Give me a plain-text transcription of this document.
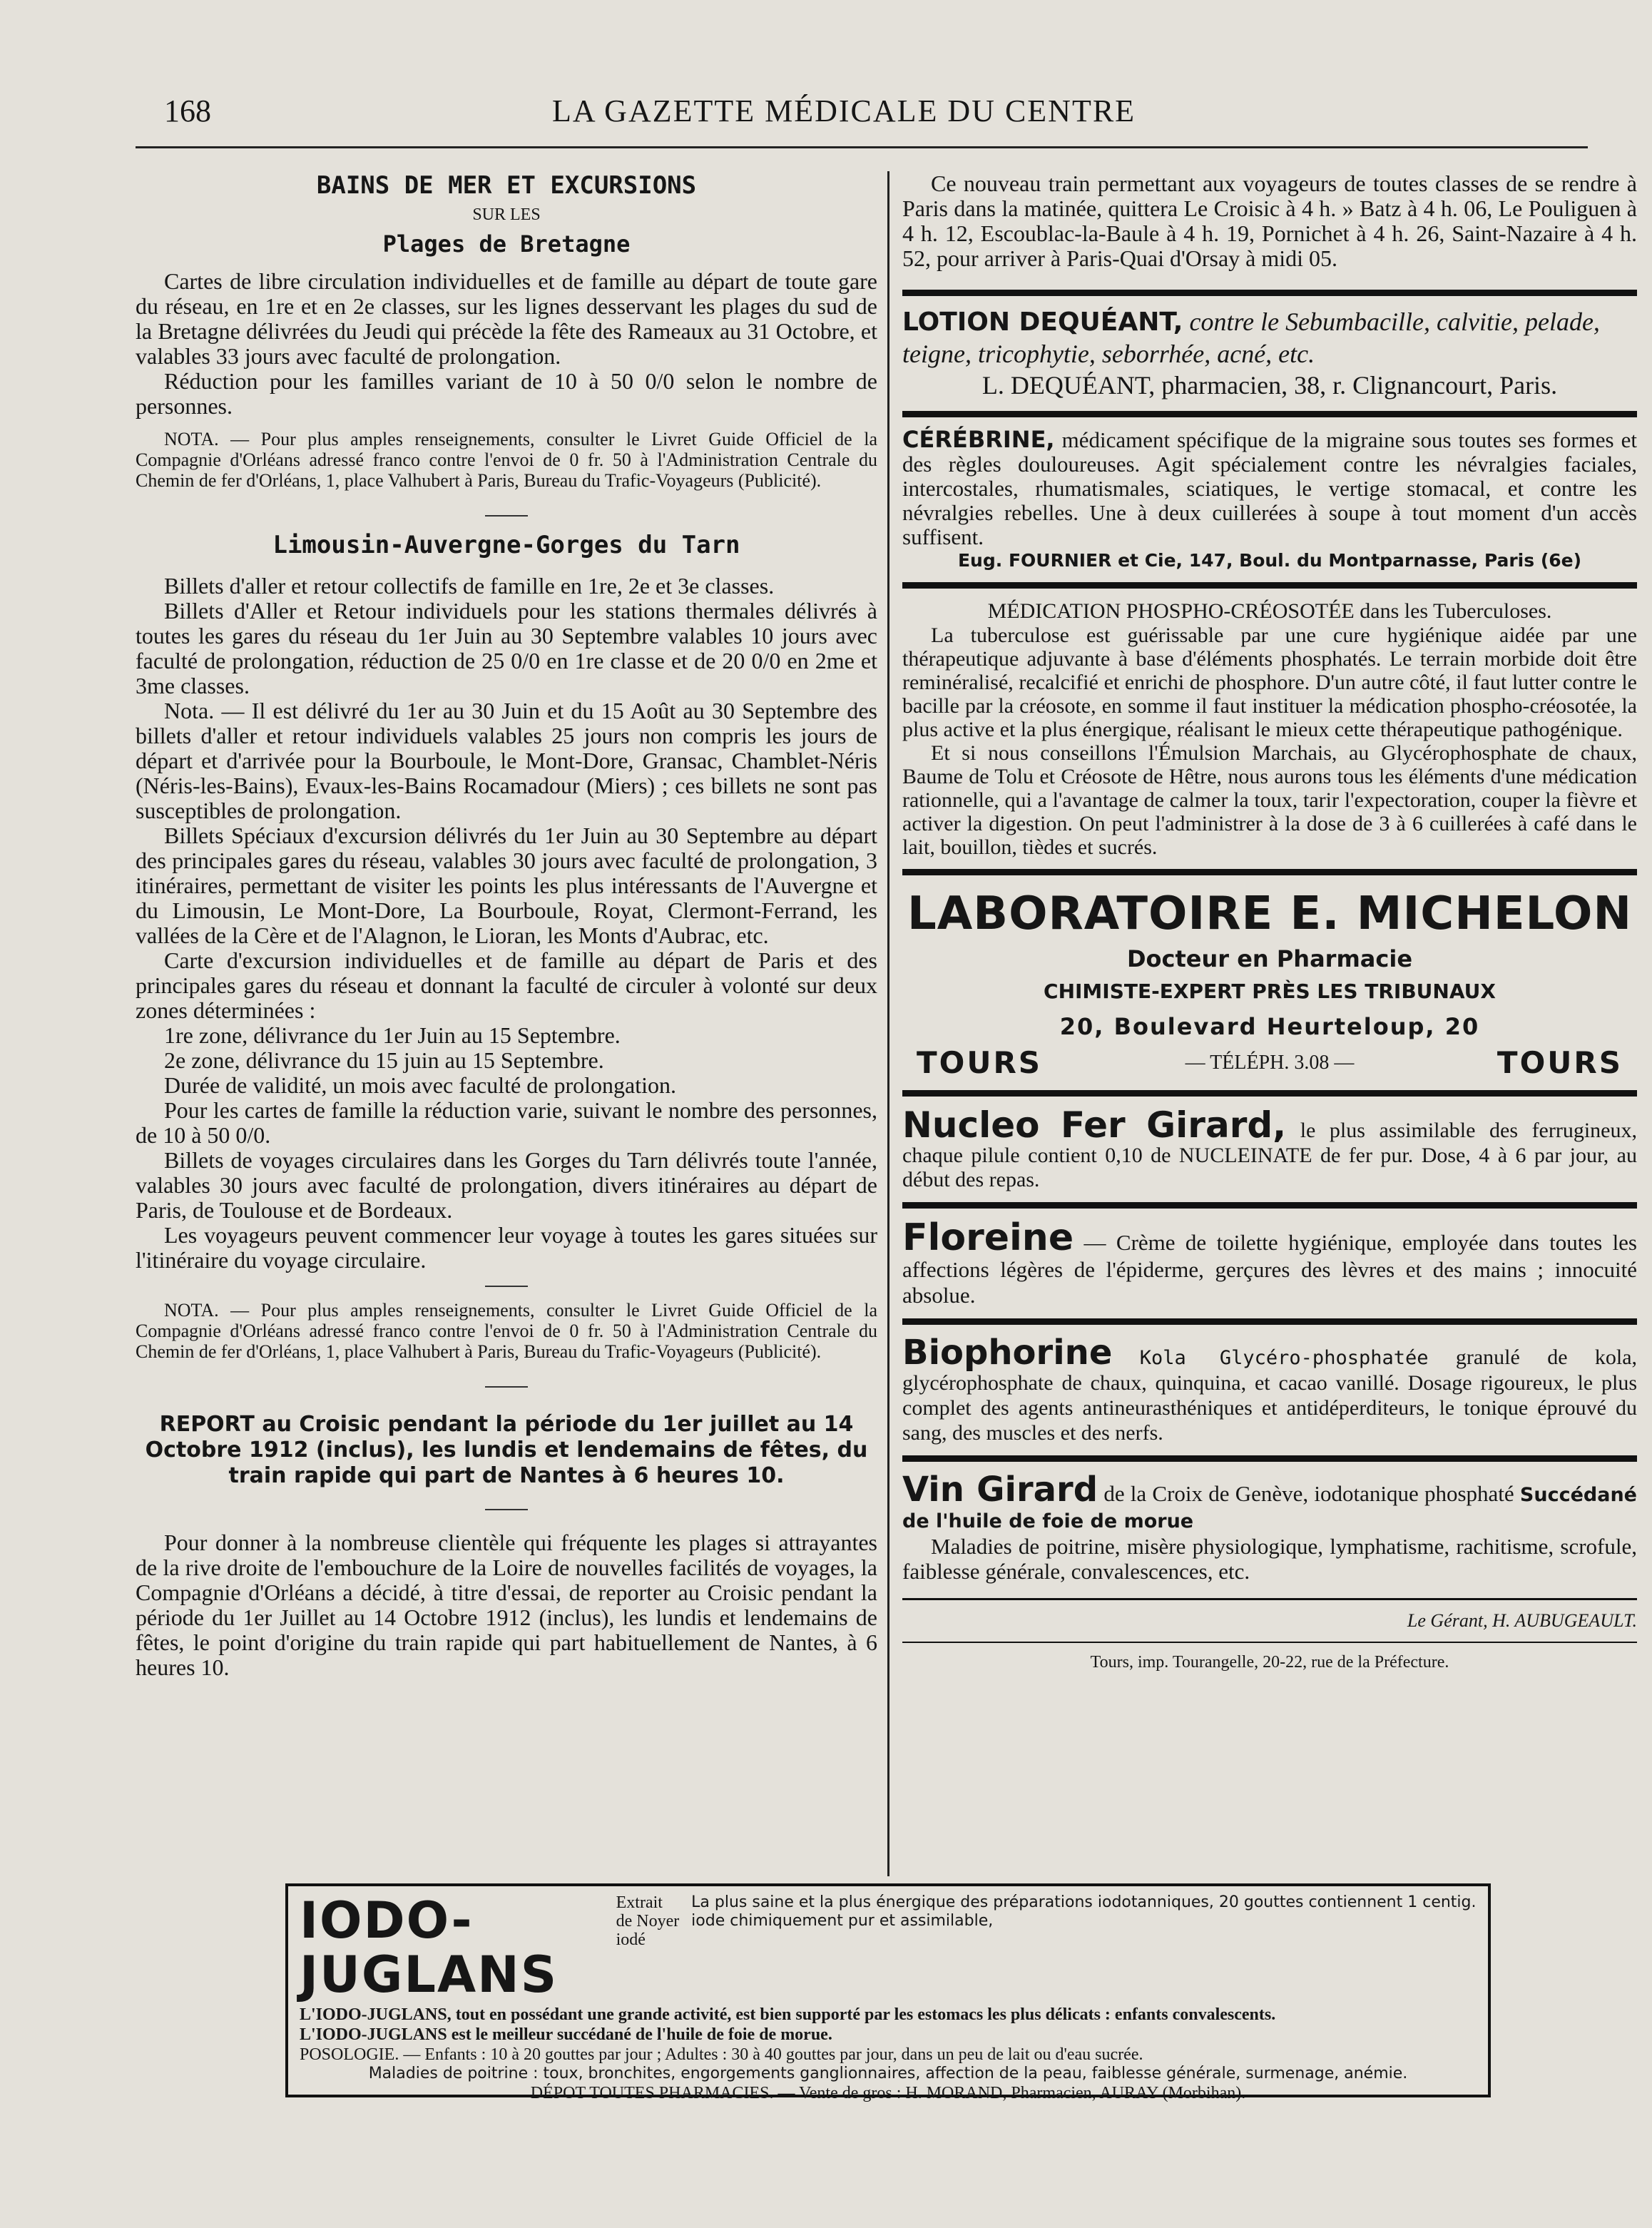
168	LA GAZETTE MÉDICALE DU CENTRE
BAINS DE MER ET EXCURSIONS

SUR LES

Plages de Bretagne

Cartes de libre circulation individuelles et de famille au départ de toute gare du réseau, en 1re et en 2e classes, sur les lignes desservant les plages du sud de la Bretagne délivrées du Jeudi qui précède la fête des Rameaux au 31 Octobre, et valables 33 jours avec faculté de prolongation.

Réduction pour les familles variant de 10 à 50 0/0 selon le nombre de personnes.

NOTA. — Pour plus amples renseignements, consulter le Livret Guide Officiel de la Compagnie d'Orléans adressé franco contre l'envoi de 0 fr. 50 à l'Administration Centrale du Chemin de fer d'Orléans, 1, place Valhubert à Paris, Bureau du Trafic-Voyageurs (Publicité).

Limousin-Auvergne-Gorges du Tarn

Billets d'aller et retour collectifs de famille en 1re, 2e et 3e classes.

Billets d'Aller et Retour individuels pour les stations thermales délivrés à toutes les gares du réseau du 1er Juin au 30 Septembre valables 10 jours avec faculté de prolongation, réduction de 25 0/0 en 1re classe et de 20 0/0 en 2me et 3me classes.

Nota. — Il est délivré du 1er au 30 Juin et du 15 Août au 30 Septembre des billets d'aller et retour individuels valables 25 jours non compris les jours de départ et d'arrivée pour la Bourboule, le Mont-Dore, Gransac, Chamblet-Néris (Néris-les-Bains), Evaux-les-Bains Rocamadour (Miers) ; ces billets ne sont pas susceptibles de prolongation.

Billets Spéciaux d'excursion délivrés du 1er Juin au 30 Septembre au départ des principales gares du réseau, valables 30 jours avec faculté de prolongation, 3 itinéraires, permettant de visiter les points les plus intéressants de l'Auvergne et du Limousin, Le Mont-Dore, La Bourboule, Royat, Clermont-Ferrand, les vallées de la Cère et de l'Alagnon, le Lioran, les Monts d'Aubrac, etc.

Carte d'excursion individuelles et de famille au départ de Paris et des principales gares du réseau et donnant la faculté de circuler à volonté sur deux zones déterminées :

1re zone, délivrance du 1er Juin au 15 Septembre.

2e zone, délivrance du 15 juin au 15 Septembre.

Durée de validité, un mois avec faculté de prolongation.

Pour les cartes de famille la réduction varie, suivant le nombre des personnes, de 10 à 50 0/0.

Billets de voyages circulaires dans les Gorges du Tarn délivrés toute l'année, valables 30 jours avec faculté de prolongation, divers itinéraires au départ de Paris, de Toulouse et de Bordeaux.

Les voyageurs peuvent commencer leur voyage à toutes les gares situées sur l'itinéraire du voyage circulaire.

NOTA. — Pour plus amples renseignements, consulter le Livret Guide Officiel de la Compagnie d'Orléans adressé franco contre l'envoi de 0 fr. 50 à l'Administration Centrale du Chemin de fer d'Orléans, 1, place Valhubert à Paris, Bureau du Trafic-Voyageurs (Publicité).

REPORT au Croisic pendant la période du 1er juillet au 14 Octobre 1912 (inclus), les lundis et lendemains de fêtes, du train rapide qui part de Nantes à 6 heures 10.

Pour donner à la nombreuse clientèle qui fréquente les plages si attrayantes de la rive droite de l'embouchure de la Loire de nouvelles facilités de voyages, la Compagnie d'Orléans a décidé, à titre d'essai, de reporter au Croisic pendant la période du 1er Juillet au 14 Octobre 1912 (inclus), les lundis et lendemains de fêtes, le point d'origine du train rapide qui part habituellement de Nantes, à 6 heures 10.

Ce nouveau train permettant aux voyageurs de toutes classes de se rendre à Paris dans la matinée, quittera Le Croisic à 4 h. » Batz à 4 h. 06, Le Pouliguen à 4 h. 12, Escoublac-la-Baule à 4 h. 19, Pornichet à 4 h. 26, Saint-Nazaire à 4 h. 52, pour arriver à Paris-Quai d'Orsay à midi 05.

LOTION DEQUÉANT, contre le Sebumbacille, calvitie, pelade, teigne, tricophytie, seborrhée, acné, etc.

L. DEQUÉANT, pharmacien, 38, r. Clignancourt, Paris.

CÉRÉBRINE, médicament spécifique de la migraine sous toutes ses formes et des règles douloureuses. Agit spécialement contre les névralgies faciales, intercostales, rhumatismales, sciatiques, le vertige stomacal, et contre les névralgies rebelles. Une à deux cuillerées à soupe à tout moment d'un accès suffisent.

Eug. FOURNIER et Cie, 147, Boul. du Montparnasse, Paris (6e)

MÉDICATION PHOSPHO-CRÉOSOTÉE dans les Tuberculoses.

La tuberculose est guérissable par une cure hygiénique aidée par une thérapeutique adjuvante à base d'éléments phosphatés. Le terrain morbide doit être reminéralisé, recalcifié et enrichi de phosphore. D'un autre côté, il faut lutter contre le bacille par la créosote, en somme il faut instituer la médication phospho-créosotée, la plus active et la plus énergique, réalisant le mieux cette thérapeutique pathogénique.

Et si nous conseillons l'Émulsion Marchais, au Glycérophosphate de chaux, Baume de Tolu et Créosote de Hêtre, nous aurons tous les éléments d'une médication rationnelle, qui a l'avantage de calmer la toux, tarir l'expectoration, couper la fièvre et activer la digestion. On peut l'administrer à la dose de 3 à 6 cuillerées à café dans le lait, bouillon, tièdes et sucrés.

LABORATOIRE E. MICHELON

Docteur en Pharmacie

CHIMISTE-EXPERT PRÈS LES TRIBUNAUX

20, Boulevard Heurteloup, 20

TOURS	— TÉLÉPH. 3.08 —	TOURS

Nucleo Fer Girard, le plus assimilable des ferrugineux, chaque pilule contient 0,10 de NUCLEINATE de fer pur. Dose, 4 à 6 par jour, au début des repas.

Floreine — Crème de toilette hygiénique, employée dans toutes les affections légères de l'épiderme, gerçures des lèvres et des mains ; innocuité absolue.

Biophorine Kola Glycéro-phosphatée granulé de kola, glycérophosphate de chaux, quinquina, et cacao vanillé. Dosage rigoureux, le plus complet des agents antineurasthéniques et antidéperditeurs, le tonique éprouvé du sang, des muscles et des nerfs.

Vin Girard de la Croix de Genève, iodotanique phosphaté Succédané de l'huile de foie de morue

Maladies de poitrine, misère physiologique, lymphatisme, rachitisme, scrofule, faiblesse générale, convalescences, etc.

Le Gérant, H. AUBUGEAULT.

Tours, imp. Tourangelle, 20-22, rue de la Préfecture.

IODO-JUGLANS
Extrait de Noyer iodé
La plus saine et la plus énergique des préparations iodotanniques, 20 gouttes contiennent 1 centig. iode chimiquement pur et assimilable,

L'IODO-JUGLANS, tout en possédant une grande activité, est bien supporté par les estomacs les plus délicats : enfants convalescents.

L'IODO-JUGLANS est le meilleur succédané de l'huile de foie de morue.

POSOLOGIE. — Enfants : 10 à 20 gouttes par jour ; Adultes : 30 à 40 gouttes par jour, dans un peu de lait ou d'eau sucrée.

Maladies de poitrine : toux, bronchites, engorgements ganglionnaires, affection de la peau, faiblesse générale, surmenage, anémie.

DÉPOT TOUTES PHARMACIES. — Vente de gros : H. MORAND, Pharmacien, AURAY (Morbihan).
